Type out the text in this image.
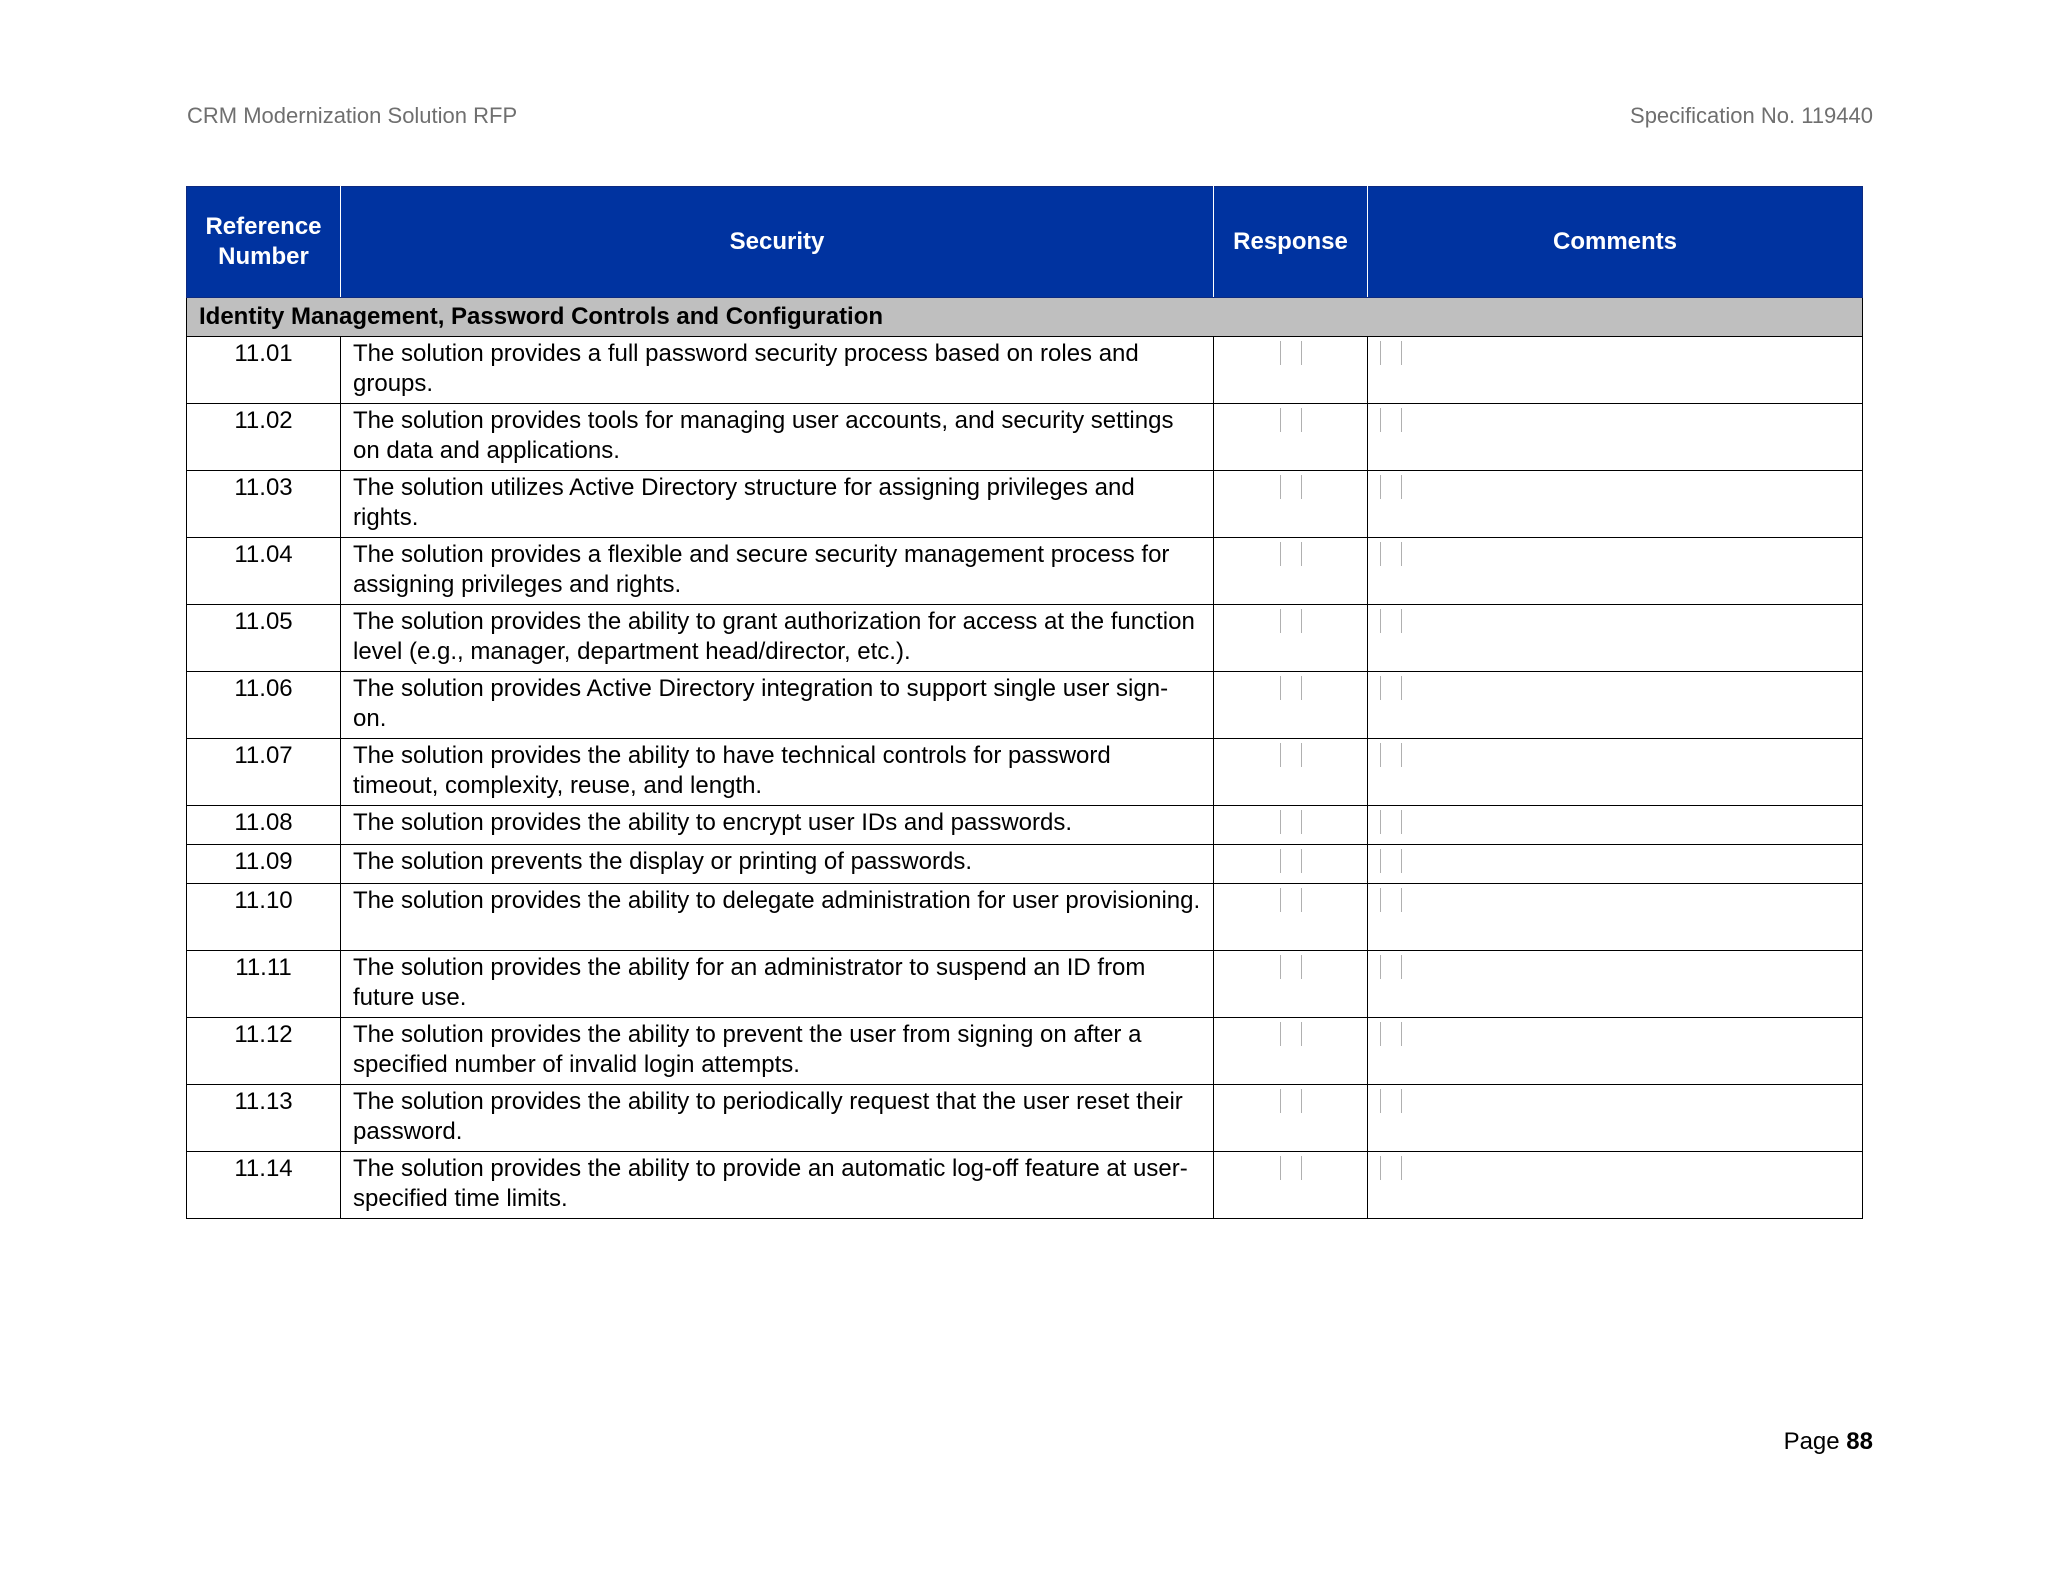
CRM Modernization Solution RFP	Specification No. 119440
Reference Number	Security	Response	Comments
Identity Management, Password Controls and Configuration			
11.01	The solution provides a full password security process based on roles and groups.		
11.02	The solution provides tools for managing user accounts, and security settings on data and applications.		
11.03	The solution utilizes Active Directory structure for assigning privileges and rights.		
11.04	The solution provides a flexible and secure security management process for assigning privileges and rights.		
11.05	The solution provides the ability to grant authorization for access at the function level (e.g., manager, department head/director, etc.).		
11.06	The solution provides Active Directory integration to support single user sign-on.		
11.07	The solution provides the ability to have technical controls for password timeout, complexity, reuse, and length.		
11.08	The solution provides the ability to encrypt user IDs and passwords.		
11.09	The solution prevents the display or printing of passwords.		
11.10	The solution provides the ability to delegate administration for user provisioning.		
11.11	The solution provides the ability for an administrator to suspend an ID from future use.		
11.12	The solution provides the ability to prevent the user from signing on after a specified number of invalid login attempts.		
11.13	The solution provides the ability to periodically request that the user reset their password.		
11.14	The solution provides the ability to provide an automatic log-off feature at user-specified time limits.		
Page 88
